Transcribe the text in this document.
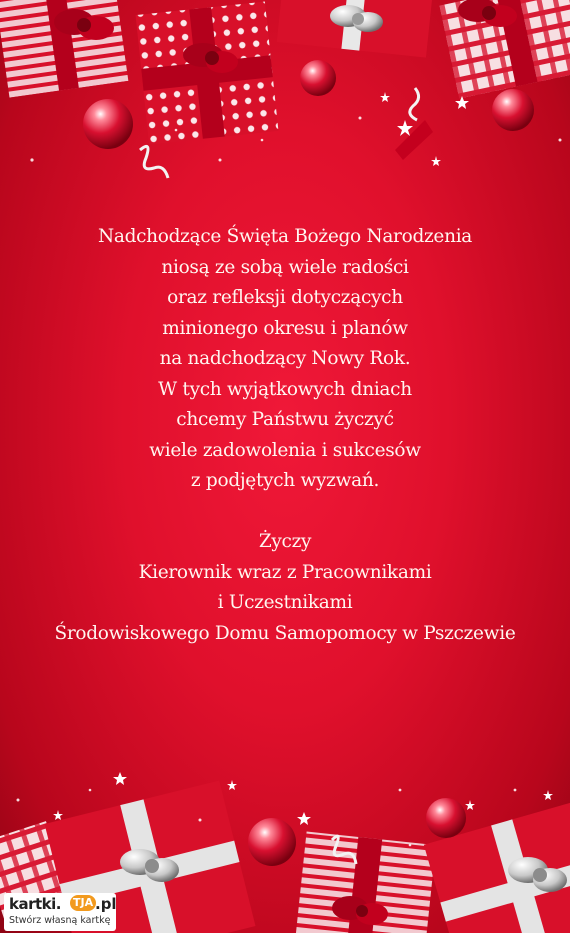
Nadchodzące Święta Bożego Narodzenia
niosą ze sobą wiele radości
oraz refleksji dotyczących
minionego okresu i planów
na nadchodzący Nowy Rok.
W tych wyjątkowych dniach
chcemy Państwu życzyć
wiele zadowolenia i sukcesów
z podjętych wyzwań.
Życzy
Kierownik wraz z Pracownikami
i Uczestnikami
Środowiskowego Domu Samopomocy w Pszczewie
kartki. TJA .pl
Stwórz własną kartkę
